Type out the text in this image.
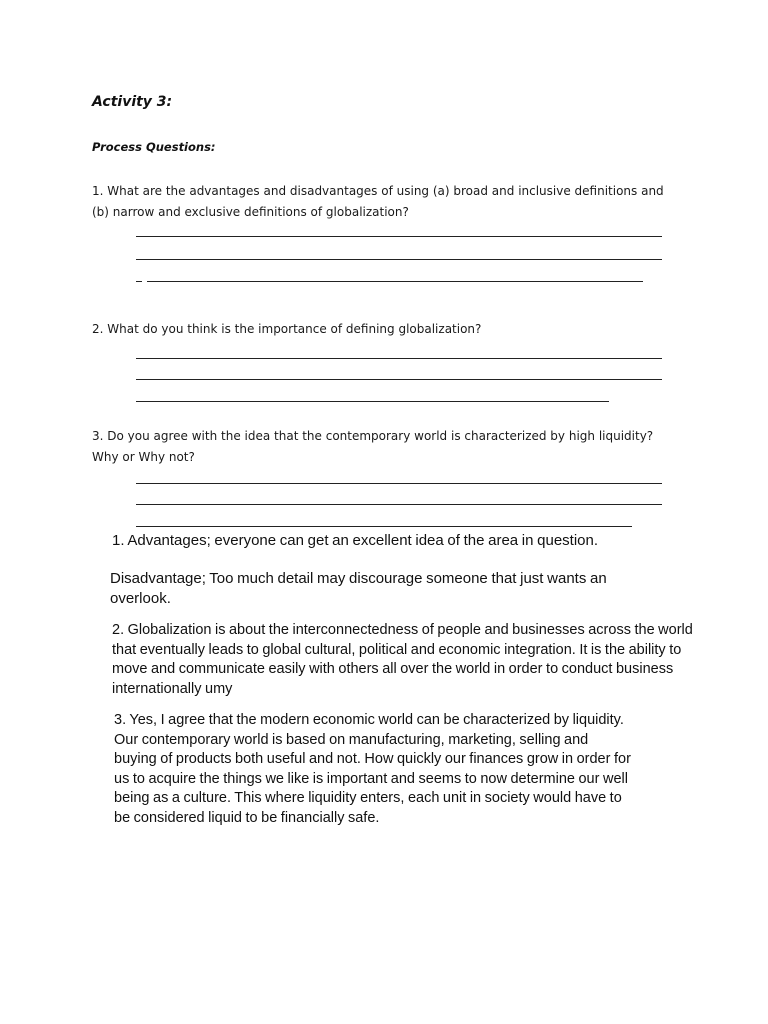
Activity 3:
Process Questions:

1. What are the advantages and disadvantages of using (a) broad and inclusive definitions and (b) narrow and exclusive definitions of globalization?

2. What do you think is the importance of defining globalization?

3. Do you agree with the idea that the contemporary world is characterized by high liquidity? Why or Why not?

1. Advantages; everyone can get an excellent idea of the area in question.

Disadvantage; Too much detail may discourage someone that just wants an overlook.

2. Globalization is about the interconnectedness of people and businesses across the world that eventually leads to global cultural, political and economic integration. It is the ability to move and communicate easily with others all over the world in order to conduct business internationally umy

3. Yes, I agree that the modern economic world can be characterized by liquidity. Our contemporary world is based on manufacturing, marketing, selling and buying of products both useful and not. How quickly our finances grow in order for us to acquire the things we like is important and seems to now determine our well being as a culture. This where liquidity enters, each unit in society would have to be considered liquid to be financially safe.
